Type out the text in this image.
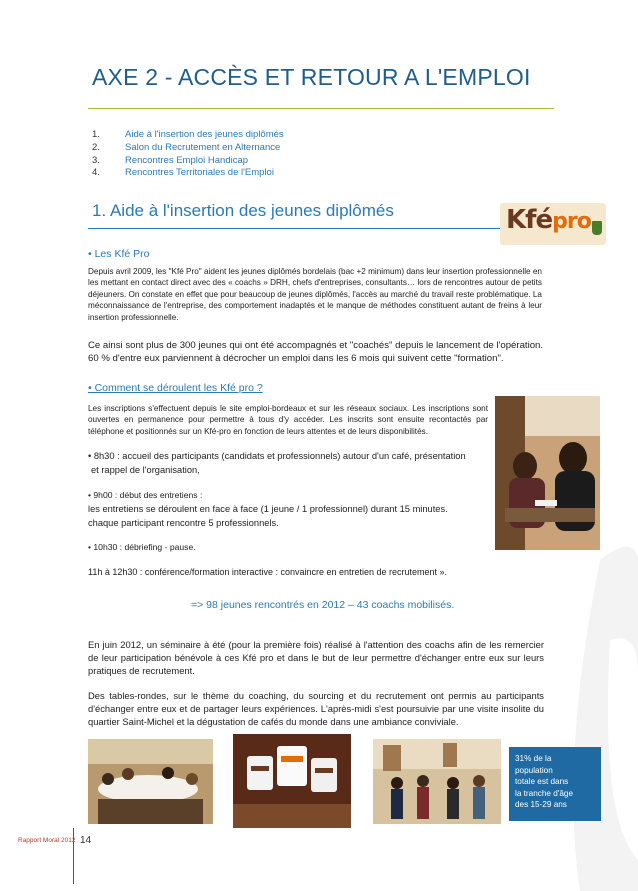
AXE 2 - ACCÈS ET RETOUR A L'EMPLOI
1.	Aide à l'insertion des jeunes diplômés
2.	Salon du Recrutement en Alternance
3.	Rencontres Emploi Handicap
4.	Rencontres Territoriales de l'Emploi
1. Aide à l'insertion des jeunes diplômés	Kfépro
• Les Kfé Pro
Depuis avril 2009, les "Kfé Pro" aident les jeunes diplômés bordelais (bac +2 minimum) dans leur insertion professionnelle en les mettant en contact direct avec des « coachs » DRH, chefs d'entreprises, consultants… lors de rencontres autour de petits déjeuners. On constate en effet que pour beaucoup de jeunes diplômés, l'accès au marché du travail reste problématique. La méconnaissance de l'entreprise, des comportement inadaptés et le manque de méthodes constituent autant de freins à leur insertion professionnelle.
Ce ainsi sont plus de 300 jeunes qui ont été accompagnés et "coachés" depuis le lancement de l'opération. 60 % d'entre eux parviennent à décrocher un emploi dans les 6 mois qui suivent cette "formation".
• Comment se déroulent les Kfé pro ?
Les inscriptions s'effectuent depuis le site emploi-bordeaux et sur les réseaux sociaux. Les inscriptions sont ouvertes en permanence pour permettre à tous d'y accéder. Les inscrits sont ensuite recontactés par téléphone et positionnés sur un Kfé-pro en fonction de leurs attentes et de leurs disponibilités.
• 8h30 : accueil des participants (candidats et professionnels) autour d'un café, présentation
et rappel de l'organisation,
• 9h00 : début des entretiens :
les entretiens se déroulent en face à face (1 jeune / 1 professionnel) durant 15 minutes.
chaque participant rencontre 5 professionnels.
• 10h30 : débriefing - pause.
11h à 12h30 : conférence/formation interactive : convaincre en entretien de recrutement ».
=> 98 jeunes rencontrés en 2012 – 43 coachs mobilisés.
En juin 2012, un séminaire à été (pour la première fois) réalisé à l'attention des coachs afin de les remercier de leur participation bénévole à ces Kfé pro et dans le but de leur permettre d'échanger entre eux sur leurs pratiques de recrutement.
Des tables-rondes, sur le thème du coaching, du sourcing et du recrutement ont permis au participants d'échanger entre eux et de partager leurs expériences. L'après-midi s'est poursuivie par une visite insolite du quartier Saint-Michel et la dégustation de cafés du monde dans une ambiance conviviale.
31% de la
population
totale est dans
la tranche d'âge
des 15-29 ans
Rapport Moral 2012 14
